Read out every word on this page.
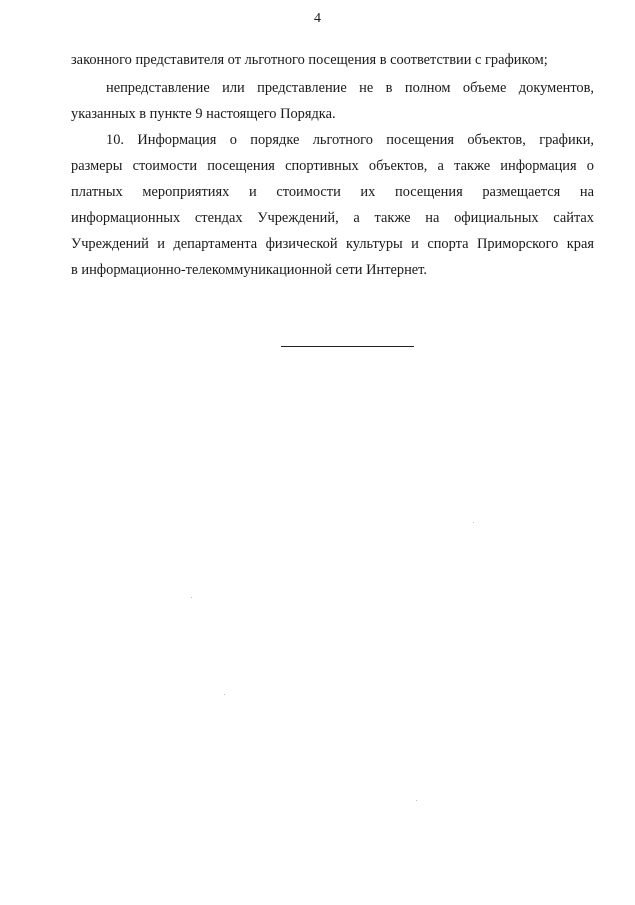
4
законного представителя от льготного посещения в соответствии с графиком;
непредставление или представление не в полном объеме документов,
указанных в пункте 9 настоящего Порядка.
10. Информация о порядке льготного посещения объектов, графики,
размеры стоимости посещения спортивных объектов, а также информация о
платных мероприятиях и стоимости их посещения размещается на
информационных стендах Учреждений, а также на официальных сайтах
Учреждений и департамента физической культуры и спорта Приморского края
в информационно-телекоммуникационной сети Интернет.
